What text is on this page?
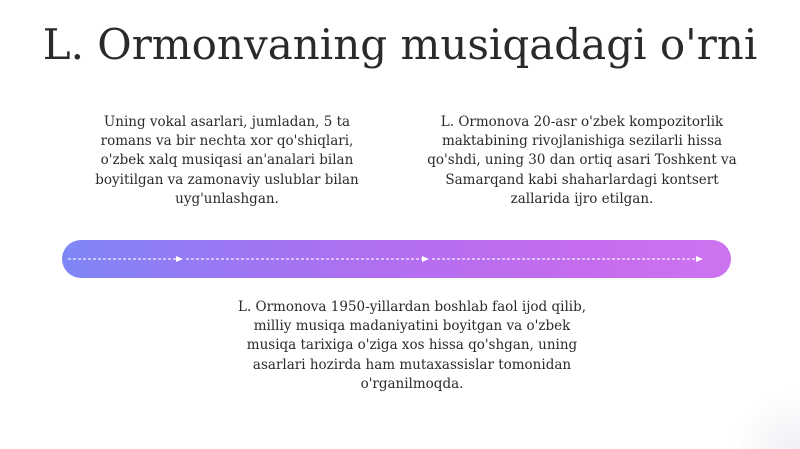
L. Ormonvaning musiqadagi o'rni
Uning vokal asarlari, jumladan, 5 ta romans va bir nechta xor qo'shiqlari, o'zbek xalq musiqasi an'analari bilan boyitilgan va zamonaviy uslublar bilan uyg'unlashgan.
L. Ormonova 20-asr o'zbek kompozitorlik maktabining rivojlanishiga sezilarli hissa qo'shdi, uning 30 dan ortiq asari Toshkent va Samarqand kabi shaharlardagi kontsert zallarida ijro etilgan.
L. Ormonova 1950-yillardan boshlab faol ijod qilib, milliy musiqa madaniyatini boyitgan va o'zbek musiqa tarixiga o'ziga xos hissa qo'shgan, uning asarlari hozirda ham mutaxassislar tomonidan o'rganilmoqda.
